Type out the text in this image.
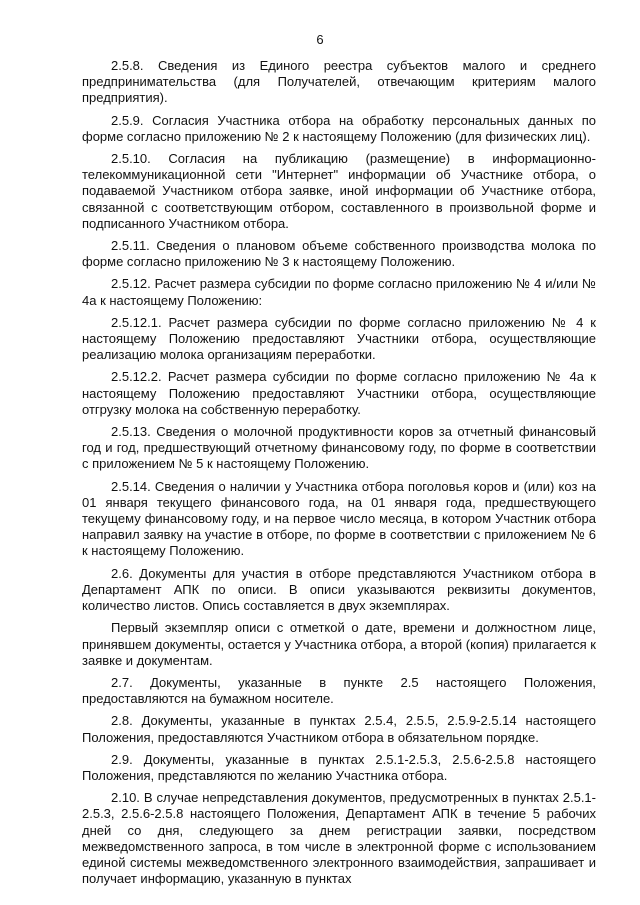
6

2.5.8. Сведения из Единого реестра субъектов малого и среднего предпринимательства (для Получателей, отвечающим критериям малого предприятия).

2.5.9. Согласия Участника отбора на обработку персональных данных по форме согласно приложению № 2 к настоящему Положению (для физических лиц).

2.5.10. Согласия на публикацию (размещение) в информационно-телекоммуникационной сети "Интернет" информации об Участнике отбора, о подаваемой Участником отбора заявке, иной информации об Участнике отбора, связанной с соответствующим отбором, составленного в произвольной форме и подписанного Участником отбора.

2.5.11. Сведения о плановом объеме собственного производства молока по форме согласно приложению № 3 к настоящему Положению.

2.5.12. Расчет размера субсидии по форме согласно приложению № 4 и/или № 4а к настоящему Положению:

2.5.12.1. Расчет размера субсидии по форме согласно приложению № 4 к настоящему Положению предоставляют Участники отбора, осуществляющие реализацию молока организациям переработки.

2.5.12.2. Расчет размера субсидии по форме согласно приложению № 4а к настоящему Положению предоставляют Участники отбора, осуществляющие отгрузку молока на собственную переработку.

2.5.13. Сведения о молочной продуктивности коров за отчетный финансовый год и год, предшествующий отчетному финансовому году, по форме в соответствии с приложением № 5 к настоящему Положению.

2.5.14. Сведения о наличии у Участника отбора поголовья коров и (или) коз на 01 января текущего финансового года, на 01 января года, предшествующего текущему финансовому году, и на первое число месяца, в котором Участник отбора направил заявку на участие в отборе, по форме в соответствии с приложением № 6 к настоящему Положению.

2.6. Документы для участия в отборе представляются Участником отбора в Департамент АПК по описи. В описи указываются реквизиты документов, количество листов. Опись составляется в двух экземплярах.

Первый экземпляр описи с отметкой о дате, времени и должностном лице, принявшем документы, остается у Участника отбора, а второй (копия) прилагается к заявке и документам.

2.7. Документы, указанные в пункте 2.5 настоящего Положения, предоставляются на бумажном носителе.

2.8. Документы, указанные в пунктах 2.5.4, 2.5.5, 2.5.9-2.5.14 настоящего Положения, предоставляются Участником отбора в обязательном порядке.

2.9. Документы, указанные в пунктах 2.5.1-2.5.3, 2.5.6-2.5.8 настоящего Положения, представляются по желанию Участника отбора.

2.10. В случае непредставления документов, предусмотренных в пунктах 2.5.1-2.5.3, 2.5.6-2.5.8 настоящего Положения, Департамент АПК в течение 5 рабочих дней со дня, следующего за днем регистрации заявки, посредством межведомственного запроса, в том числе в электронной форме с использованием единой системы межведомственного электронного взаимодействия, запрашивает и получает информацию, указанную в пунктах
